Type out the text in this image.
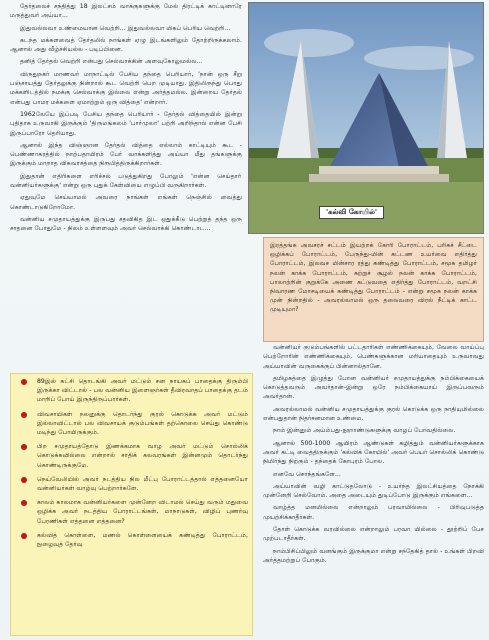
தேர்தலைச் சந்தித்து 18 இலட்சம் வாக்குகளுக்கு மேல் திரட்டிக் காட்டினாரே மருத்துவர் அய்யா...

இதுவல்லவா உண்மையான வெற்றி... இதுவல்லவா மிகப் பெரிய வெற்றி...

கடந்த மக்களவைத் தேர்தலில் நாங்கள் ஏழு இடங்களிலும் தோற்றிருக்கலாம். ஆனால் அது வீழ்ச்சியல்ல - படிப்பினை.

தனித் தேர்தல் வெற்றி என்பது செல்வாக்கின் அளவுகோலுமல்ல...

விருதுநகர் மாணவர் மாநாட்டில் பேசிய தந்தை பெரியார், 'நான் ஒரு சீறு பஞ்சாயத்து தேர்தலுக்கு நின்றால் கூட வெற்றி பெற முடியாது. இதிலிருந்து பொது மக்களிடத்தில் நமக்கு செல்வாக்கு இல்லை என்று அர்த்தமல்ல. இன்றைய தேர்தல் என்பது பாமர மக்களை ஏமாற்றும் ஒரு வித்தை' என்றார்.

1962லேயே இப்படி பேசிய தந்தை பெரியார் - தேர்தல் வித்தையில் இன்று புதிதாக உருவாகி இருக்கும் 'திருமங்கலம் 'பார்முலா' பற்றி அறிந்தால் என்ன பேசி இருப்பாரோ தெரியாது.

ஆனால் இந்த விஞ்ஞான தேர்தல் வித்தை எல்லாம் காட்டியும் கூட - பெண்ணாகரத்தில் நாற்பதாயிரம் பேர் வாக்களித்து அய்யா மீது தங்களுக்கு இருக்கும் மாறாத விசுவாசத்தை நிரூபித்திருக்கிறார்கள்.

இதுதான் எதிரிகளை எரிச்சல் படுத்துகிறது போலும் 'என்ன செய்தாா் வன்னியர்களுக்கு' என்று ஒரு புதுக் கேள்வியை எழுப்பி வருகிறார்கள்.

ஏதுவுமே செய்யாமல் அவரை நாங்கள் எங்கள் நெஞ்சில் வைத்து கொண்டாடுகிறோமோ.

வன்னிய சமுதாயத்துக்கு இருபது சதவிகித இட ஒதுக்கீடு பெற்றுத் தந்த ஒரு சாதனை போதுமே - நிலம் உள்ளளவும் அவர் செல்வாக்கி கொண்டாட...

'கல்வி கோயில்'
இரத்தங்க அவசரச் சட்டம் இயற்றக் கோரி போராட்டம், பரிசுச் சீட்டை ஒழிக்கப் போராட்டம், பேருந்து-மின் கட்டண உயர்வை எதிர்த்து போராட்டம், இலவச மின்சார ரத்து கண்டித்து போராட்டம், சமூக தமிழர் நலன் காக்க போராட்டம், சுற்றுச் சூழல் நலன் காக்க போராட்டம், பாலாற்றின் குறுக்கே அணை கட்டுவதை எதிர்த்து போராட்டம், வறட்சி நிவாரண மோசடியைக் கண்டித்து போராட்டம் - என்று சமூக நலன் காக்க முன் நின்றதில் - அவரல்லாமல் ஒரு தலைவரை விரல் நீட்டிக் காட்ட முடியுமா?

வன்னியர் குடும்பங்களில் பட்டதாரிகள் எண்ணிக்கையும், வேலை வாய்ப்பு பெற்றோரின் எண்ணிக்கையும், பெண்களுக்கான மரியாதையும் உருவாவது அய்யாவின் வருகைக்குப் பின்னால்தானே.

தமிழகத்தை இழுத்து போன வன்னியர் சமுதாயத்துக்கு நம்பிக்கையைக் கொடுத்தவரும் அவர்தான்-இன்று ஒரே நம்பிக்கையாய் இருப்பவரும் அவர்தான்.

அவரல்லாமல் வன்னிய சமுதாயத்துக்கு குரல் கொடுக்க ஒரு நாதியுமில்லை என்பதுதான் நிதர்சனமான உண்மை.

நாம் இன்னும் அய்ம்பது-நூறாண்டுகளுக்கு வாழப் போவதில்லை.

ஆனால் 500-1000 ஆயிரம் ஆண்டுகள் கழித்தும் வன்னியர்களுக்காக அவர் கட்டி வைத்திருக்கும் 'கல்விக் கோயில்' அவர் பெயர் சொல்லிக் கொண்டு நிமிர்ந்து நிற்கும் - தந்தைக் கோபுரம் போல.

எனவே சொந்தங்களே...

அய்யாவின் வழி காட்டுதலோடு - உயர்ந்த இலட்சியத்தை நோக்கி முன்னேறி செல்வோம். அதை அடையும் துடிப்போடு இருக்கும் எங்களை...

வாழ்த்த மனமில்லை என்றாலும் பரவாயில்லை - பிரிவுபடுத்த முயற்சிக்காதீர்கள்.

தோள் கொடுக்க வரவில்லை என்றாலும் பரவா யில்லை - தூற்றிப் பேச முற்படாதீர்கள்.

நாம்பிசிப்பிலும் வனங்கும் இருக்குமா என்று சந்தேகித் தால் - உங்கள் பிறவி அர்த்தமற்றுப் போகும்.

89இல் கட்சி தொடங்கி அவர் மட்டும் சன நாயகப் பாதைக்கு திரும்பி இருக்கா விட்டால் - பல வன்னிய இளைஞர்கள் தீவிரவாதப் பாதைக்கு தடம் மாறிப் போய் இருந்திருப்பார்கள்.
விவசாயிகள் நலனுக்கு தொடர்ந்து குரல் கொடுக்க அவர் மட்டும் இல்லாவிட்டால் பல விவசாயக் குடும்பங்கள் தற்கொலை செய்து கொண்டு மடிந்து போயிருக்கும்.
பிற சமுதாயத்தோடு இணக்கமாக வாழ அவர் மட்டும் சொல்லிக் கொடுக்கவில்லை என்றால் சாதிக் கலவரங்கள் இன்னமும் தொடர்ந்து கொண்டிருக்குமே.
நெய்வேலியில் அவர் நடத்திய நில மீட்பு போராட்டத்தால் எத்தனையோ வன்னியர்கள் வாழ்வு பெற்றார்களே.
காலம் காலமாக வன்னியர்களை முன்னேற விடாமல் செய்து வரும் மதுவை ஒழிக்க அவர் நடத்திய போராட்டங்கள், மாநாடுகள், விழிப் புணர்வு பேரணிகள் எத்தனை எத்தனை?
கல்வித் கொள்ளை, மணல் கொள்ளையைக் கண்டித்து போராட்டம், நுழைவுத் தேர்வு
